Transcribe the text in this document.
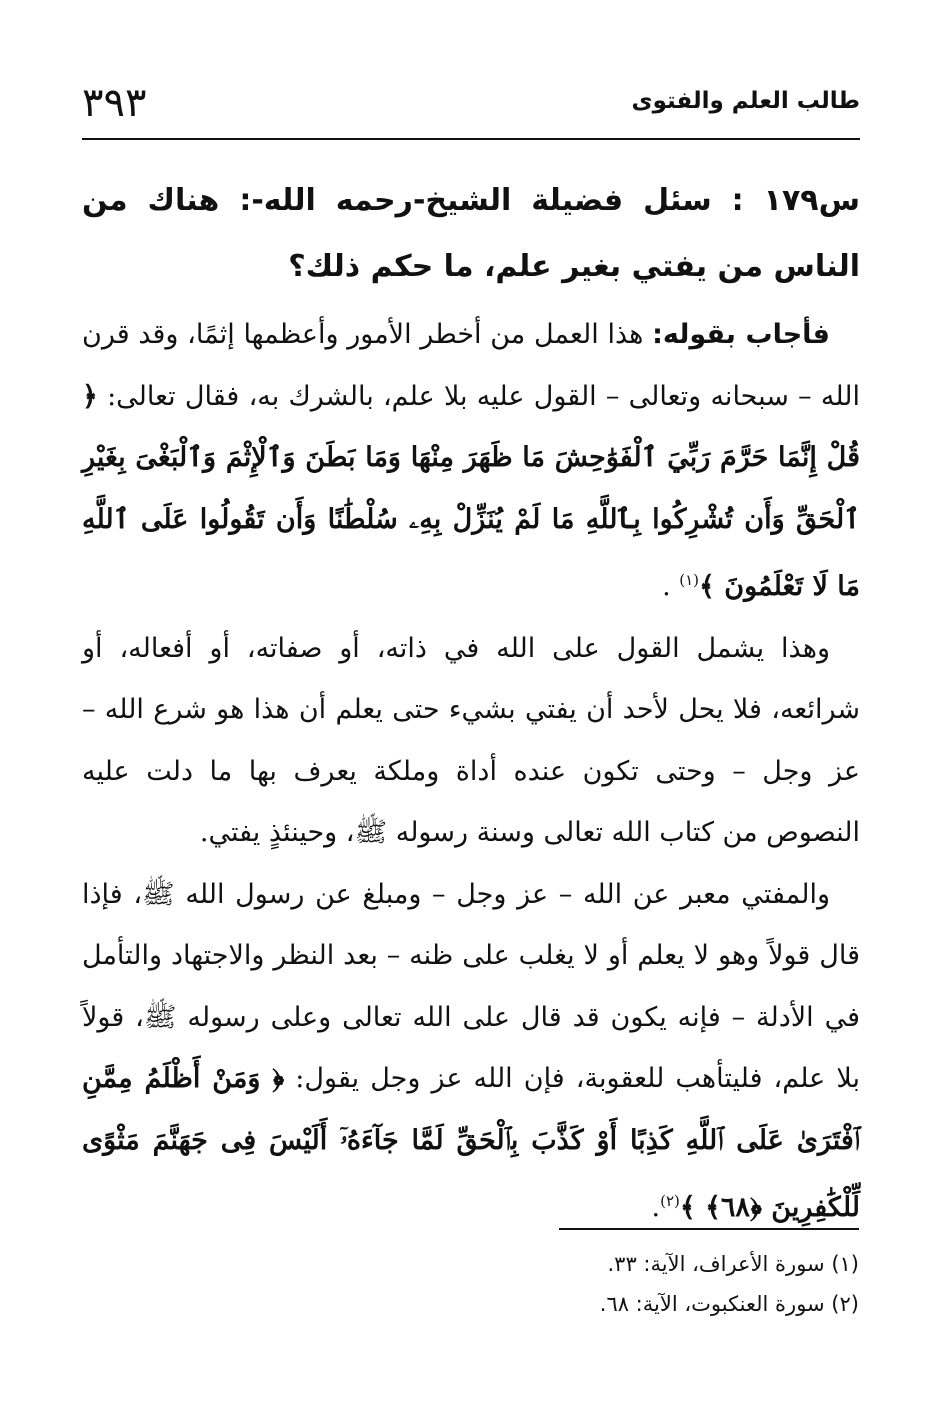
طالب العلم والفتوى
٣٩٣

س١٧٩ : سئل فضيلة الشيخ-رحمه الله-: هناك من الناس من يفتي بغير علم، ما حكم ذلك؟

فأجاب بقوله: هذا العمل من أخطر الأمور وأعظمها إثمًا، وقد قرن الله – سبحانه وتعالى – القول عليه بلا علم، بالشرك به، فقال تعالى: ﴿ قُلْ إِنَّمَا حَرَّمَ رَبِّيَ ٱلْفَوَٰحِشَ مَا ظَهَرَ مِنْهَا وَمَا بَطَنَ وَٱلْإِثْمَ وَٱلْبَغْىَ بِغَيْرِ ٱلْحَقِّ وَأَن تُشْرِكُوا بِٱللَّهِ مَا لَمْ يُنَزِّلْ بِهِۦ سُلْطَٰنًا وَأَن تَقُولُوا عَلَى ٱللَّهِ مَا لَا تَعْلَمُونَ ﴾$^{(١)}$ .

وهذا يشمل القول على الله في ذاته، أو صفاته، أو أفعاله، أو شرائعه، فلا يحل لأحد أن يفتي بشيء حتى يعلم أن هذا هو شرع الله – عز وجل – وحتى تكون عنده أداة وملكة يعرف بها ما دلت عليه النصوص من كتاب الله تعالى وسنة رسوله ﷺ، وحينئذٍ يفتي.

والمفتي معبر عن الله – عز وجل – ومبلغ عن رسول الله ﷺ، فإذا قال قولاً وهو لا يعلم أو لا يغلب على ظنه – بعد النظر والاجتهاد والتأمل في الأدلة – فإنه يكون قد قال على الله تعالى وعلى رسوله ﷺ، قولاً بلا علم، فليتأهب للعقوبة، فإن الله عز وجل يقول: ﴿ وَمَنْ أَظْلَمُ مِمَّنِ ٱفْتَرَىٰ عَلَى ٱللَّهِ كَذِبًا أَوْ كَذَّبَ بِٱلْحَقِّ لَمَّا جَآءَهُۥٓ أَلَيْسَ فِى جَهَنَّمَ مَثْوًى لِّلْكَٰفِرِينَ ﴿٦٨﴾ ﴾$^{(٢)}$.

(١) سورة الأعراف، الآية: ٣٣.

(٢) سورة العنكبوت، الآية: ٦٨.
